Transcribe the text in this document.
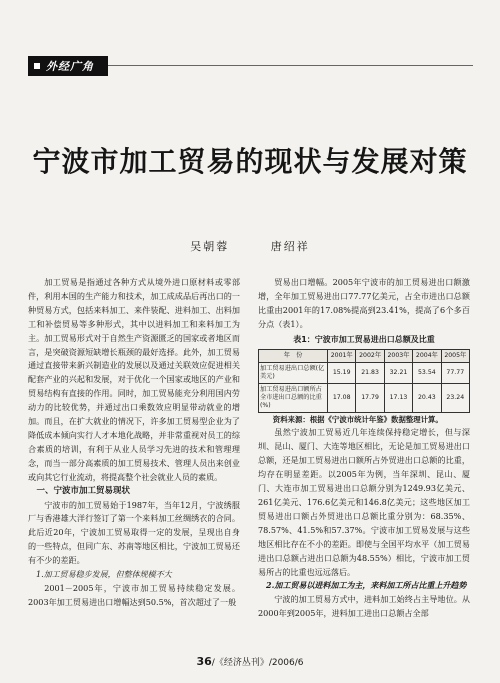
外经广角
宁波市加工贸易的现状与发展对策
吴朝蓉	唐绍祥

加工贸易是指通过各种方式从境外进口原材料或零部件，利用本国的生产能力和技术，加工成成品后再出口的一种贸易方式，包括来料加工、来件装配、进料加工、出料加工和补偿贸易等多种形式，其中以进料加工和来料加工为主。加工贸易形式对于自然生产资源匮乏的国家或者地区而言，是突破资源短缺增长瓶颈的最好选择。此外，加工贸易通过直接带来新兴制造业的发展以及通过关联效应促进相关配套产业的兴起和发展，对于优化一个国家或地区的产业和贸易结构有直接的作用。同时，加工贸易能充分利用国内劳动力的比较优势，并通过出口乘数效应明显带动就业的增加。而且，在扩大就业的情况下，许多加工贸易型企业为了降低成本倾向实行人才本地化战略，并非常重视对员工的综合素质的培训，有利于从业人员学习先进的技术和管理理念，而当一部分高素质的加工贸易技术、管理人员出来创业或向其它行业流动，将提高整个社会就业人员的素质。

一、宁波市加工贸易现状

宁波市的加工贸易始于1987年，当年12月，宁波绣服厂与香港雄大洋行签订了第一个来料加工丝绸绣衣的合同。此后近20年，宁波加工贸易取得一定的发展，呈现出自身的一些特点，但同广东、苏南等地区相比，宁波加工贸易还有不少的差距。

1.加工贸易稳步发展，但整体规模不大

2001－2005年，宁波市加工贸易持续稳定发展。2003年加工贸易进出口增幅达到50.5%，首次超过了一般

贸易出口增幅。2005年宁波市的加工贸易进出口额激增，全年加工贸易进出口77.77亿美元，占全市进出口总额比重由2001年的17.08%提高到23.41%，提高了6个多百分点（表1）。

表1：宁波市加工贸易进出口总额及比重
年　份	2001年	2002年	2003年	2004年	2005年
加工贸易进出口总额(亿美元)	15.19	21.83	32.21	53.54	77.77
加工贸易进出口额所占全市进出口总额的比重(%)	17.08	17.79	17.13	20.43	23.24

资料来源：根据《宁波市统计年鉴》数据整理计算。

虽然宁波加工贸易近几年连续保持稳定增长，但与深圳、昆山、厦门、大连等地区相比，无论是加工贸易进出口总额，还是加工贸易进出口额所占外贸进出口总额的比重，均存在明显差距。以2005年为例，当年深圳、昆山、厦门、大连市加工贸易进出口总额分别为1249.93亿美元、261亿美元、176.6亿美元和146.8亿美元；这些地区加工贸易进出口额占外贸进出口总额比重分别为：68.35%、78.57%、41.5%和57.37%。宁波市加工贸易发展与这些地区相比存在不小的差距。即使与全国平均水平（加工贸易进出口总额占进出口总额为48.55%）相比，宁波市加工贸易所占的比重也远远落后。

2.加工贸易以进料加工为主，来料加工所占比重上升趋势

宁波的加工贸易方式中，进料加工始终占主导地位。从2000年到2005年，进料加工进出口总额占全部

36/《经济丛刊》/2006/6
